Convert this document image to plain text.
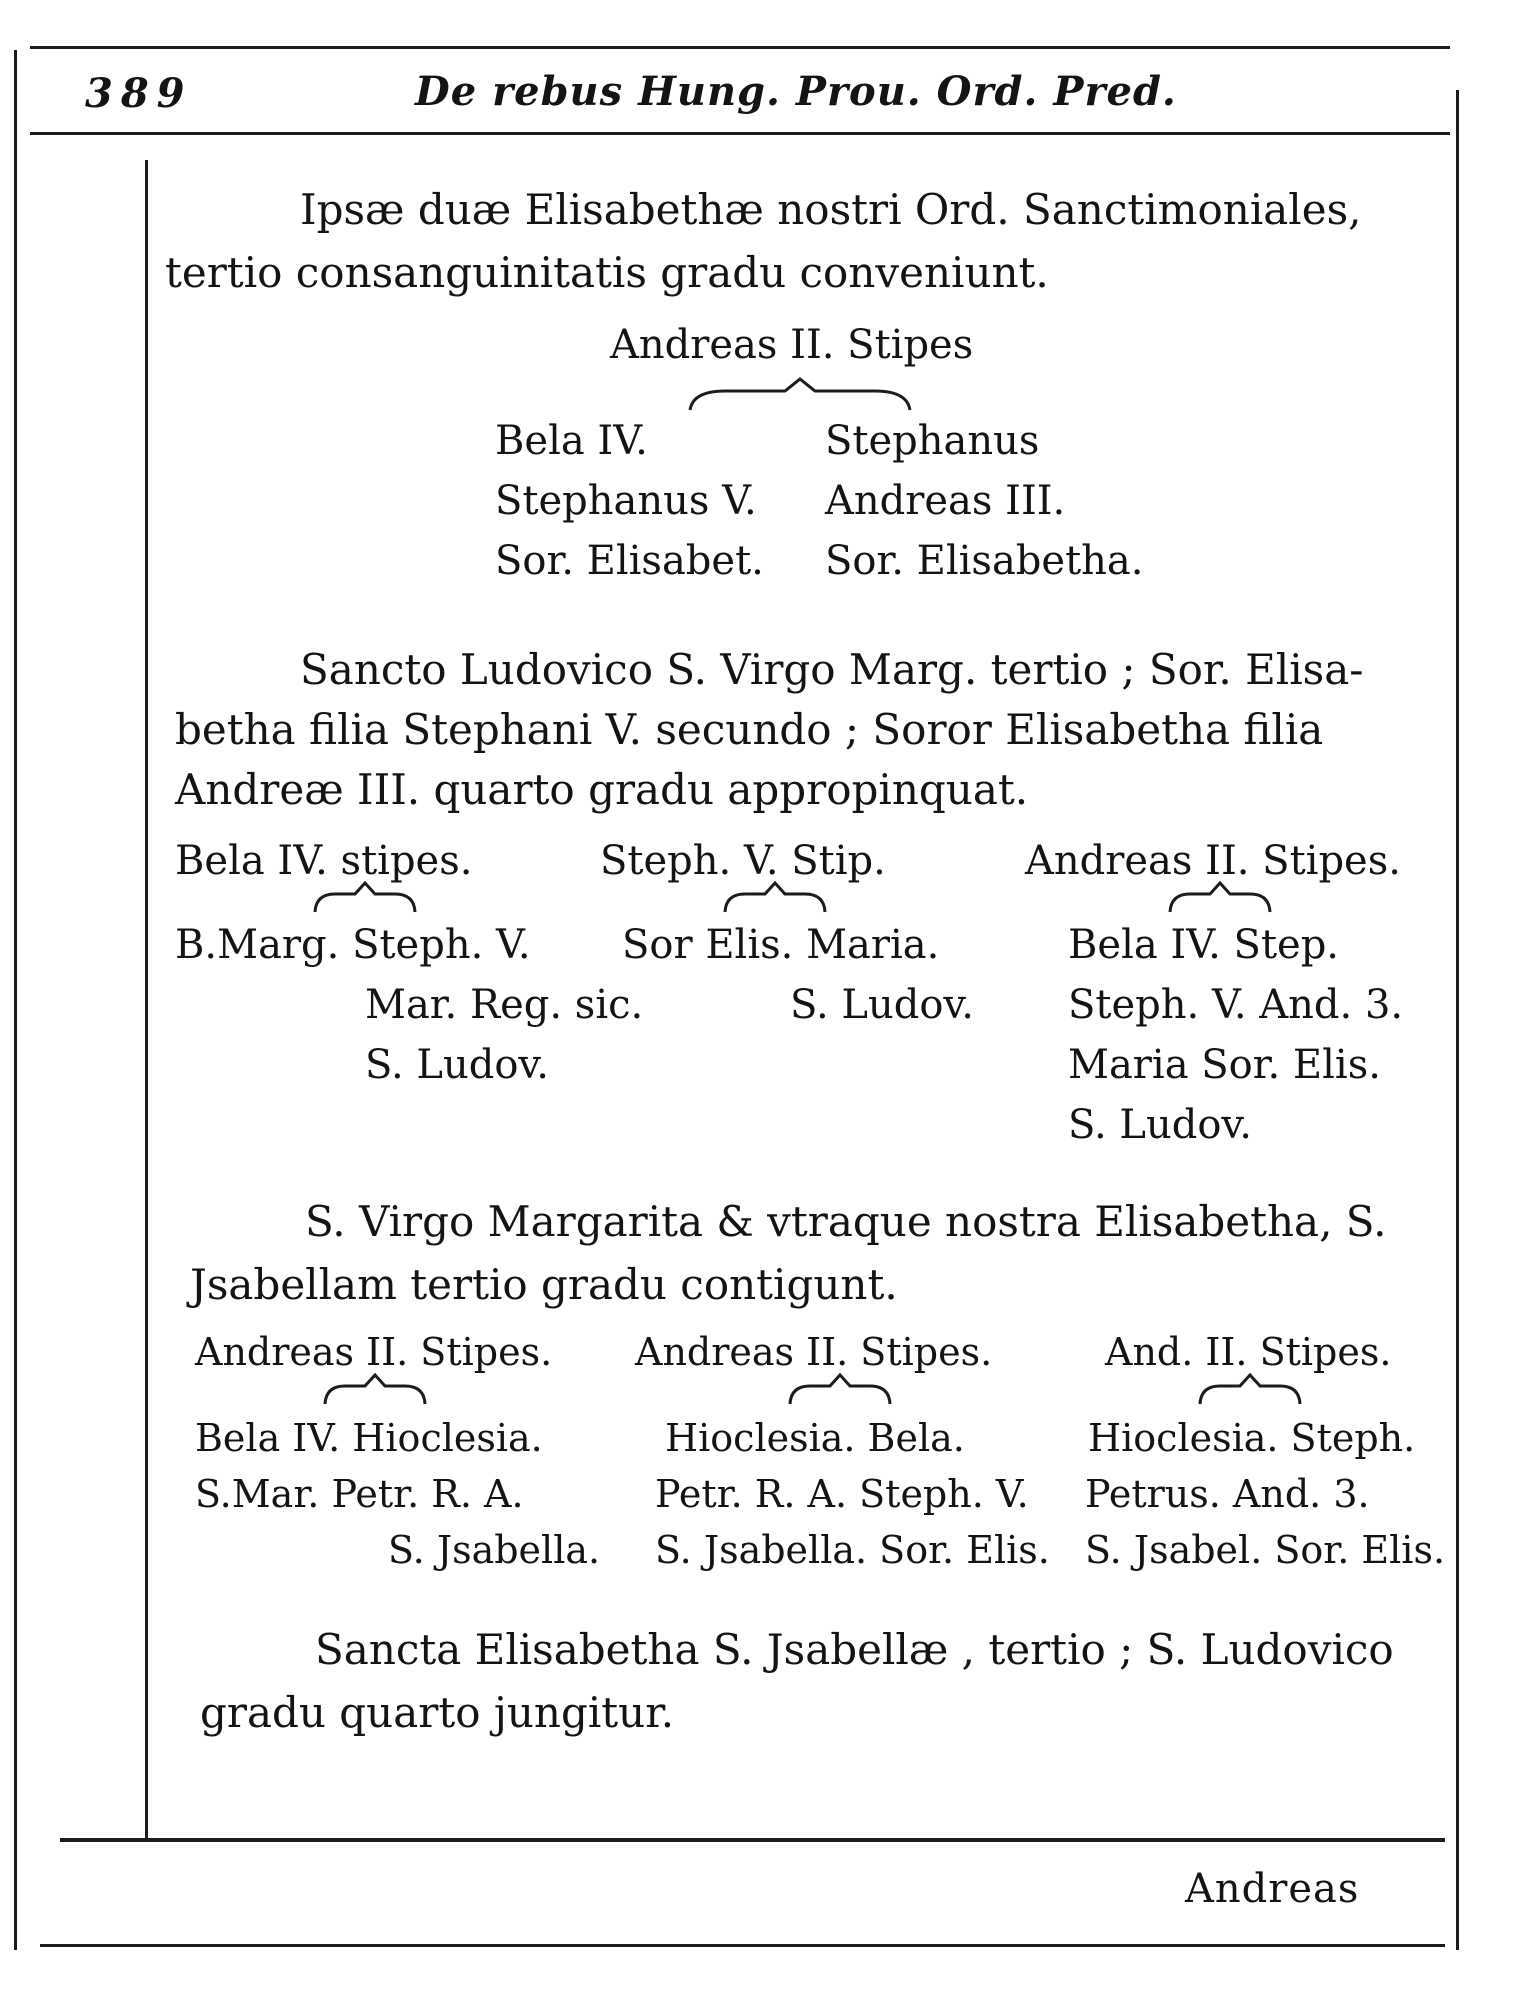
389	De rebus Hung. Prou. Ord. Pred.
Ipsæ duæ Elisabethæ nostri Ord. Sanctimoniales,
tertio consanguinitatis gradu conveniunt.
Andreas II. Stipes
Bela IV.
Stephanus V.
Sor. Elisabet.
Stephanus
Andreas III.
Sor. Elisabetha.
Sancto Ludovico S. Virgo Marg. tertio ; Sor. Elisa-
betha filia Stephani V. secundo ; Soror Elisabetha filia
Andreæ III. quarto gradu appropinquat.
Bela IV. stipes.
B.Marg. Steph. V.
Mar. Reg. sic.
S. Ludov.
Steph. V. Stip.
Sor Elis. Maria.
S. Ludov.
Andreas II. Stipes.
Bela IV. Step.
Steph. V. And. 3.
Maria Sor. Elis.
S. Ludov.
S. Virgo Margarita & vtraque nostra Elisabetha, S.
Jsabellam tertio gradu contigunt.
Andreas II. Stipes.
Bela IV. Hioclesia.
S.Mar. Petr. R. A.
S. Jsabella.
Andreas II. Stipes.
Hioclesia. Bela.
Petr. R. A. Steph. V.
S. Jsabella. Sor. Elis.
And. II. Stipes.
Hioclesia. Steph.
Petrus. And. 3.
S. Jsabel. Sor. Elis.
Sancta Elisabetha S. Jsabellæ , tertio ; S. Ludovico
gradu quarto jungitur.
Andreas
